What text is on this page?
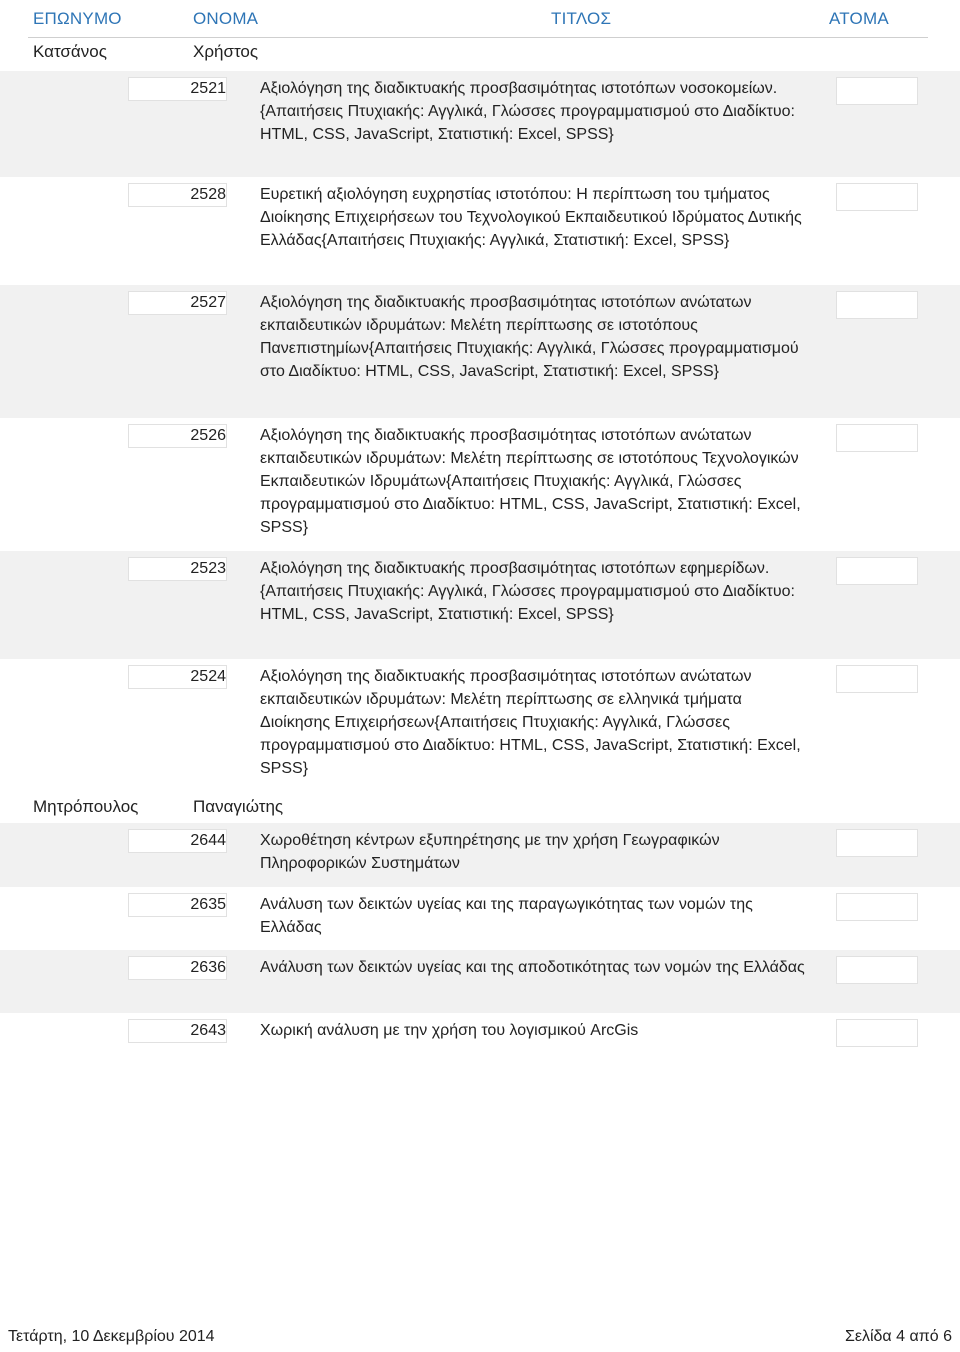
ΕΠΩΝΥΜΟ	ΟΝΟΜΑ	ΤΙΤΛΟΣ	ΑΤΟΜΑ
Κατσάνος	Χρήστος
2521 Αξιολόγηση της διαδικτυακής προσβασιμότητας ιστοτόπων νοσοκομείων. {Απαιτήσεις Πτυχιακής: Αγγλικά, Γλώσσες προγραμματισμού στο Διαδίκτυο: HTML, CSS, JavaScript, Στατιστική: Excel, SPSS}
2528 Ευρετική αξιολόγηση ευχρηστίας ιστοτόπου: Η περίπτωση του τμήματος Διοίκησης Επιχειρήσεων του Τεχνολογικού Εκπαιδευτικού Ιδρύματος Δυτικής Ελλάδας{Απαιτήσεις Πτυχιακής: Αγγλικά, Στατιστική: Excel, SPSS}
2527 Αξιολόγηση της διαδικτυακής προσβασιμότητας ιστοτόπων ανώτατων εκπαιδευτικών ιδρυμάτων: Μελέτη περίπτωσης σε ιστοτόπους Πανεπιστημίων{Απαιτήσεις Πτυχιακής: Αγγλικά, Γλώσσες προγραμματισμού στο Διαδίκτυο: HTML, CSS, JavaScript, Στατιστική: Excel, SPSS}
2526 Αξιολόγηση της διαδικτυακής προσβασιμότητας ιστοτόπων ανώτατων εκπαιδευτικών ιδρυμάτων: Μελέτη περίπτωσης σε ιστοτόπους Τεχνολογικών Εκπαιδευτικών Ιδρυμάτων{Απαιτήσεις Πτυχιακής: Αγγλικά, Γλώσσες προγραμματισμού στο Διαδίκτυο: HTML, CSS, JavaScript, Στατιστική: Excel, SPSS}
2523 Αξιολόγηση της διαδικτυακής προσβασιμότητας ιστοτόπων εφημερίδων. {Απαιτήσεις Πτυχιακής: Αγγλικά, Γλώσσες προγραμματισμού στο Διαδίκτυο: HTML, CSS, JavaScript, Στατιστική: Excel, SPSS}
2524 Αξιολόγηση της διαδικτυακής προσβασιμότητας ιστοτόπων ανώτατων εκπαιδευτικών ιδρυμάτων: Μελέτη περίπτωσης σε ελληνικά τμήματα Διοίκησης Επιχειρήσεων{Απαιτήσεις Πτυχιακής: Αγγλικά, Γλώσσες προγραμματισμού στο Διαδίκτυο: HTML, CSS, JavaScript, Στατιστική: Excel, SPSS}
Μητρόπουλος	Παναγιώτης
2644 Χωροθέτηση κέντρων εξυπηρέτησης με την χρήση Γεωγραφικών Πληροφορικών Συστημάτων
2635 Ανάλυση των δεικτών υγείας και της παραγωγικότητας των νομών της Ελλάδας
2636 Ανάλυση των δεικτών υγείας και της αποδοτικότητας των νομών της Ελλάδας
2643 Χωρική ανάλυση με την χρήση του λογισμικού ArcGis
Τετάρτη, 10 Δεκεμβρίου 2014	Σελίδα 4 από 6
